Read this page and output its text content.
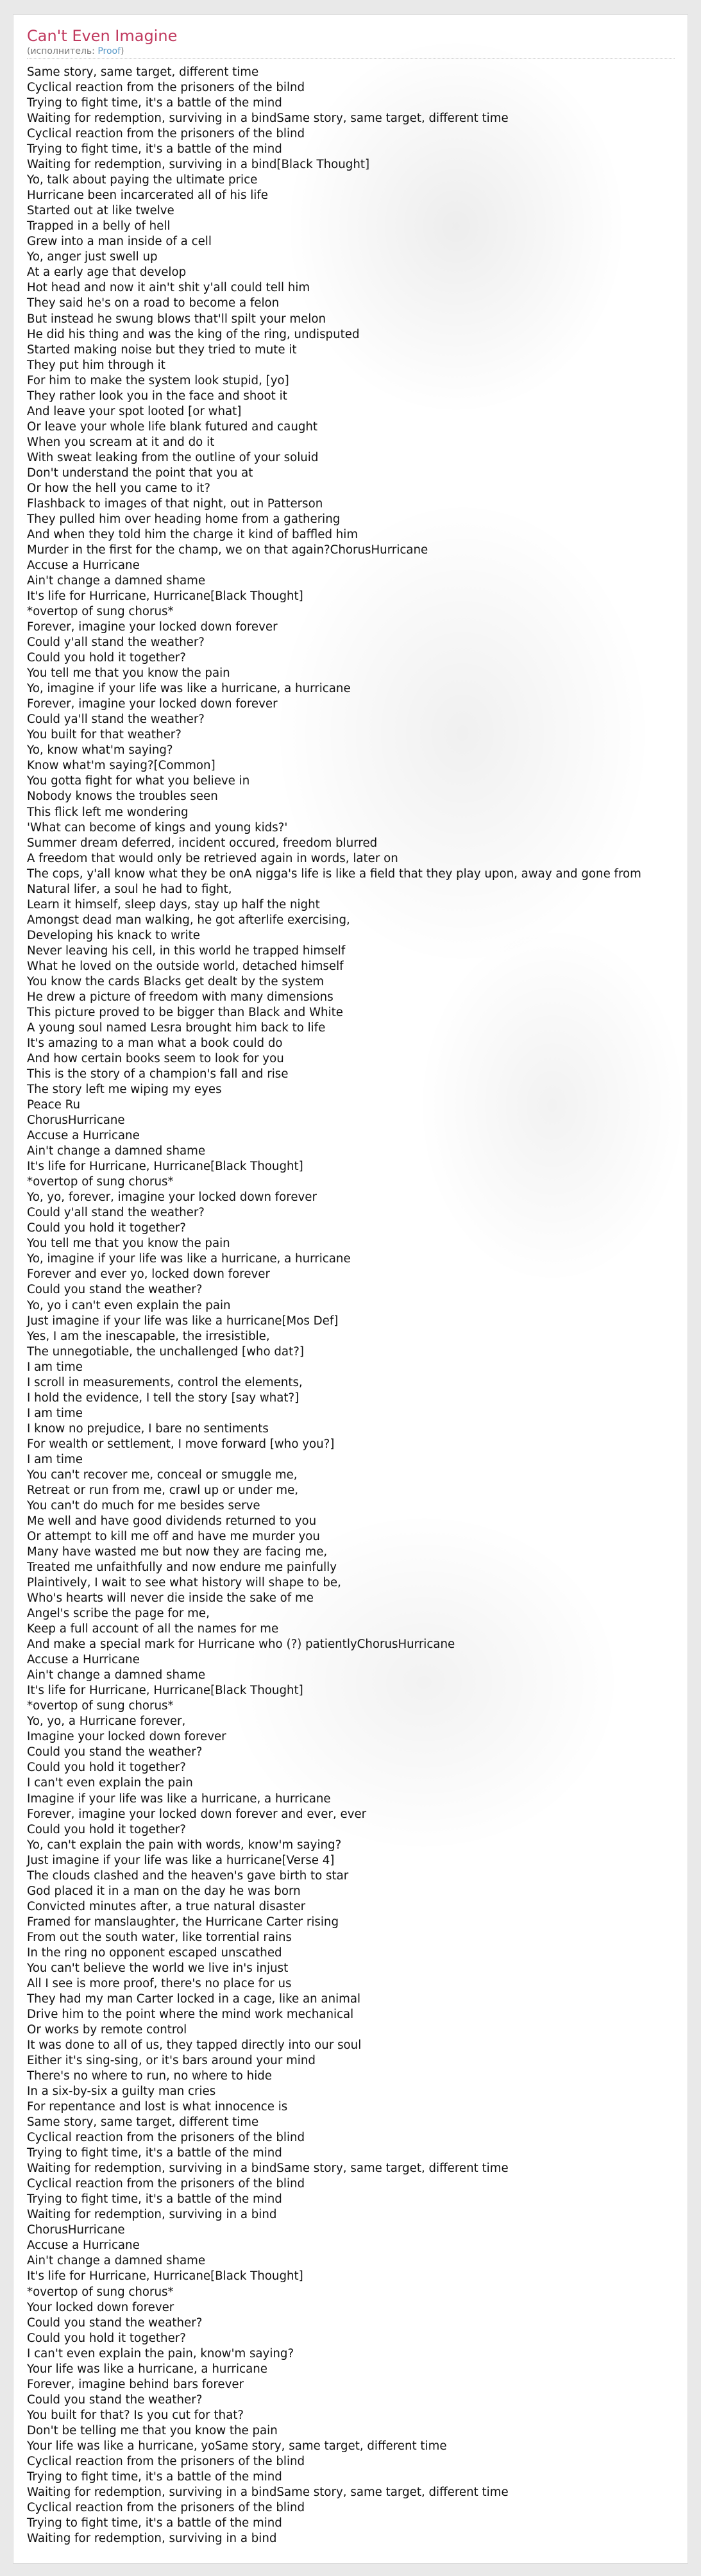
Can't Even Imagine
(исполнитель: Proof)
Same story, same target, different time
Cyclical reaction from the prisoners of the bilnd
Trying to fight time, it's a battle of the mind
Waiting for redemption, surviving in a bindSame story, same target, different time
Cyclical reaction from the prisoners of the blind
Trying to fight time, it's a battle of the mind
Waiting for redemption, surviving in a bind[Black Thought]
Yo, talk about paying the ultimate price
Hurricane been incarcerated all of his life
Started out at like twelve
Trapped in a belly of hell
Grew into a man inside of a cell
Yo, anger just swell up
At a early age that develop
Hot head and now it ain't shit y'all could tell him
They said he's on a road to become a felon
But instead he swung blows that'll spilt your melon
He did his thing and was the king of the ring, undisputed
Started making noise but they tried to mute it
They put him through it
For him to make the system look stupid, [yo]
They rather look you in the face and shoot it
And leave your spot looted [or what]
Or leave your whole life blank futured and caught
When you scream at it and do it
With sweat leaking from the outline of your soluid
Don't understand the point that you at
Or how the hell you came to it?
Flashback to images of that night, out in Patterson
They pulled him over heading home from a gathering
And when they told him the charge it kind of baffled him
Murder in the first for the champ, we on that again?ChorusHurricane
Accuse a Hurricane
Ain't change a damned shame
It's life for Hurricane, Hurricane[Black Thought]
*overtop of sung chorus*
Forever, imagine your locked down forever
Could y'all stand the weather?
Could you hold it together?
You tell me that you know the pain
Yo, imagine if your life was like a hurricane, a hurricane
Forever, imagine your locked down forever
Could ya'll stand the weather?
You built for that weather?
Yo, know what'm saying?
Know what'm saying?[Common]
You gotta fight for what you believe in
Nobody knows the troubles seen
This flick left me wondering
'What can become of kings and young kids?'
Summer dream deferred, incident occured, freedom blurred
A freedom that would only be retrieved again in words, later on
The cops, y'all know what they be onA nigga's life is like a field that they play upon, away and gone from
Natural lifer, a soul he had to fight,
Learn it himself, sleep days, stay up half the night
Amongst dead man walking, he got afterlife exercising,
Developing his knack to write
Never leaving his cell, in this world he trapped himself
What he loved on the outside world, detached himself
You know the cards Blacks get dealt by the system
He drew a picture of freedom with many dimensions
This picture proved to be bigger than Black and White
A young soul named Lesra brought him back to life
It's amazing to a man what a book could do
And how certain books seem to look for you
This is the story of a champion's fall and rise
The story left me wiping my eyes
Peace Ru
ChorusHurricane
Accuse a Hurricane
Ain't change a damned shame
It's life for Hurricane, Hurricane[Black Thought]
*overtop of sung chorus*
Yo, yo, forever, imagine your locked down forever
Could y'all stand the weather?
Could you hold it together?
You tell me that you know the pain
Yo, imagine if your life was like a hurricane, a hurricane
Forever and ever yo, locked down forever
Could you stand the weather?
Yo, yo i can't even explain the pain
Just imagine if your life was like a hurricane[Mos Def]
Yes, I am the inescapable, the irresistible,
The unnegotiable, the unchallenged [who dat?]
I am time
I scroll in measurements, control the elements,
I hold the evidence, I tell the story [say what?]
I am time
I know no prejudice, I bare no sentiments
For wealth or settlement, I move forward [who you?]
I am time
You can't recover me, conceal or smuggle me,
Retreat or run from me, crawl up or under me,
You can't do much for me besides serve
Me well and have good dividends returned to you
Or attempt to kill me off and have me murder you
Many have wasted me but now they are facing me,
Treated me unfaithfully and now endure me painfully
Plaintively, I wait to see what history will shape to be,
Who's hearts will never die inside the sake of me
Angel's scribe the page for me,
Keep a full account of all the names for me
And make a special mark for Hurricane who (?) patientlyChorusHurricane
Accuse a Hurricane
Ain't change a damned shame
It's life for Hurricane, Hurricane[Black Thought]
*overtop of sung chorus*
Yo, yo, a Hurricane forever,
Imagine your locked down forever
Could you stand the weather?
Could you hold it together?
I can't even explain the pain
Imagine if your life was like a hurricane, a hurricane
Forever, imagine your locked down forever and ever, ever
Could you hold it together?
Yo, can't explain the pain with words, know'm saying?
Just imagine if your life was like a hurricane[Verse 4]
The clouds clashed and the heaven's gave birth to star
God placed it in a man on the day he was born
Convicted minutes after, a true natural disaster
Framed for manslaughter, the Hurricane Carter rising
From out the south water, like torrential rains
In the ring no opponent escaped unscathed
You can't believe the world we live in's injust
All I see is more proof, there's no place for us
They had my man Carter locked in a cage, like an animal
Drive him to the point where the mind work mechanical
Or works by remote control
It was done to all of us, they tapped directly into our soul
Either it's sing-sing, or it's bars around your mind
There's no where to run, no where to hide
In a six-by-six a guilty man cries
For repentance and lost is what innocence is
Same story, same target, different time
Cyclical reaction from the prisoners of the blind
Trying to fight time, it's a battle of the mind
Waiting for redemption, surviving in a bindSame story, same target, different time
Cyclical reaction from the prisoners of the blind
Trying to fight time, it's a battle of the mind
Waiting for redemption, surviving in a bind
ChorusHurricane
Accuse a Hurricane
Ain't change a damned shame
It's life for Hurricane, Hurricane[Black Thought]
*overtop of sung chorus*
Your locked down forever
Could you stand the weather?
Could you hold it together?
I can't even explain the pain, know'm saying?
Your life was like a hurricane, a hurricane
Forever, imagine behind bars forever
Could you stand the weather?
You built for that? Is you cut for that?
Don't be telling me that you know the pain
Your life was like a hurricane, yoSame story, same target, different time
Cyclical reaction from the prisoners of the blind
Trying to fight time, it's a battle of the mind
Waiting for redemption, surviving in a bindSame story, same target, different time
Cyclical reaction from the prisoners of the blind
Trying to fight time, it's a battle of the mind
Waiting for redemption, surviving in a bind
